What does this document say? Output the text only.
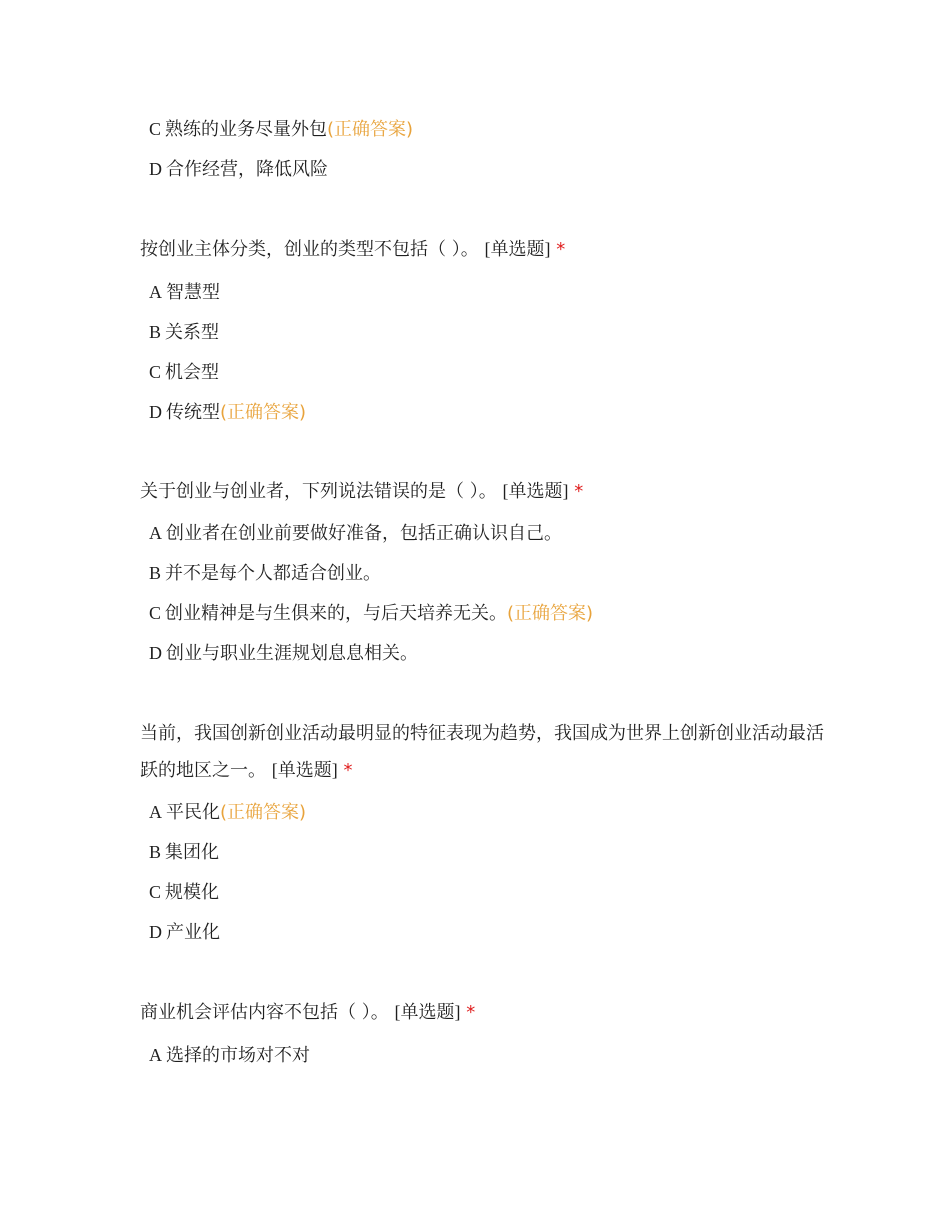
C 熟练的业务尽量外包(正确答案)
D 合作经营，降低风险
按创业主体分类，创业的类型不包括（ ）。 [单选题] *
A 智慧型
B 关系型
C 机会型
D 传统型(正确答案)
关于创业与创业者，下列说法错误的是（ ）。 [单选题] *
A 创业者在创业前要做好准备，包括正确认识自己。
B 并不是每个人都适合创业。
C 创业精神是与生俱来的，与后天培养无关。(正确答案)
D 创业与职业生涯规划息息相关。
当前，我国创新创业活动最明显的特征表现为趋势，我国成为世界上创新创业活动最活跃的地区之一。 [单选题] *
A 平民化(正确答案)
B 集团化
C 规模化
D 产业化
商业机会评估内容不包括（ ）。 [单选题] *
A 选择的市场对不对
